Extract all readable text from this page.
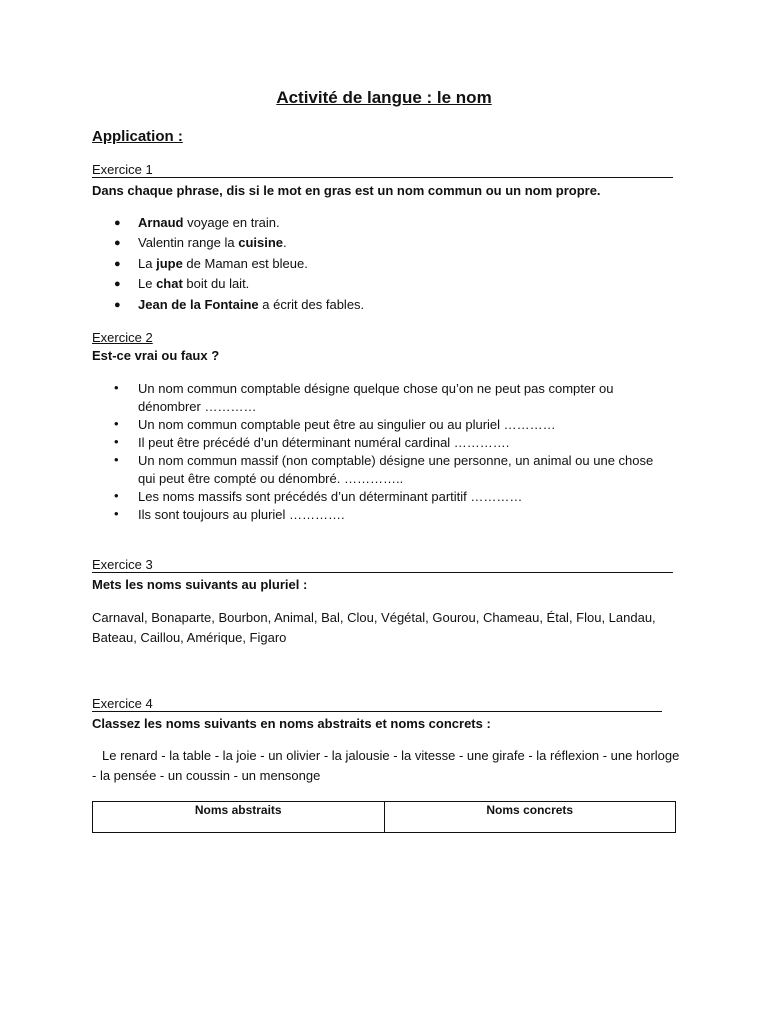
Activité de langue : le nom
Application :
Exercice 1
Dans chaque phrase, dis si le mot en gras est un nom commun ou un nom propre.
● Arnaud voyage en train.
● Valentin range la cuisine.
● La jupe de Maman est bleue.
● Le chat boit du lait.
● Jean de la Fontaine a écrit des fables.
Exercice 2
Est-ce vrai ou faux ?
• Un nom commun comptable désigne quelque chose qu’on ne peut pas compter ou dénombrer …………
• Un nom commun comptable peut être au singulier ou au pluriel …………
• Il peut être précédé d’un déterminant numéral cardinal ………….
• Un nom commun massif (non comptable) désigne une personne, un animal ou une chose qui peut être compté ou dénombré. …………..
• Les noms massifs sont précédés d’un déterminant partitif …………
• Ils sont toujours au pluriel ………….
Exercice 3
Mets les noms suivants au pluriel :
Carnaval, Bonaparte, Bourbon, Animal, Bal, Clou, Végétal, Gourou, Chameau, Étal, Flou, Landau, Bateau, Caillou, Amérique, Figaro
Exercice 4
Classez les noms suivants en noms abstraits et noms concrets :
Le renard - la table - la joie - un olivier - la jalousie - la vitesse - une girafe - la réflexion - une horloge - la pensée - un coussin - un mensonge
Noms abstraits	Noms concrets
